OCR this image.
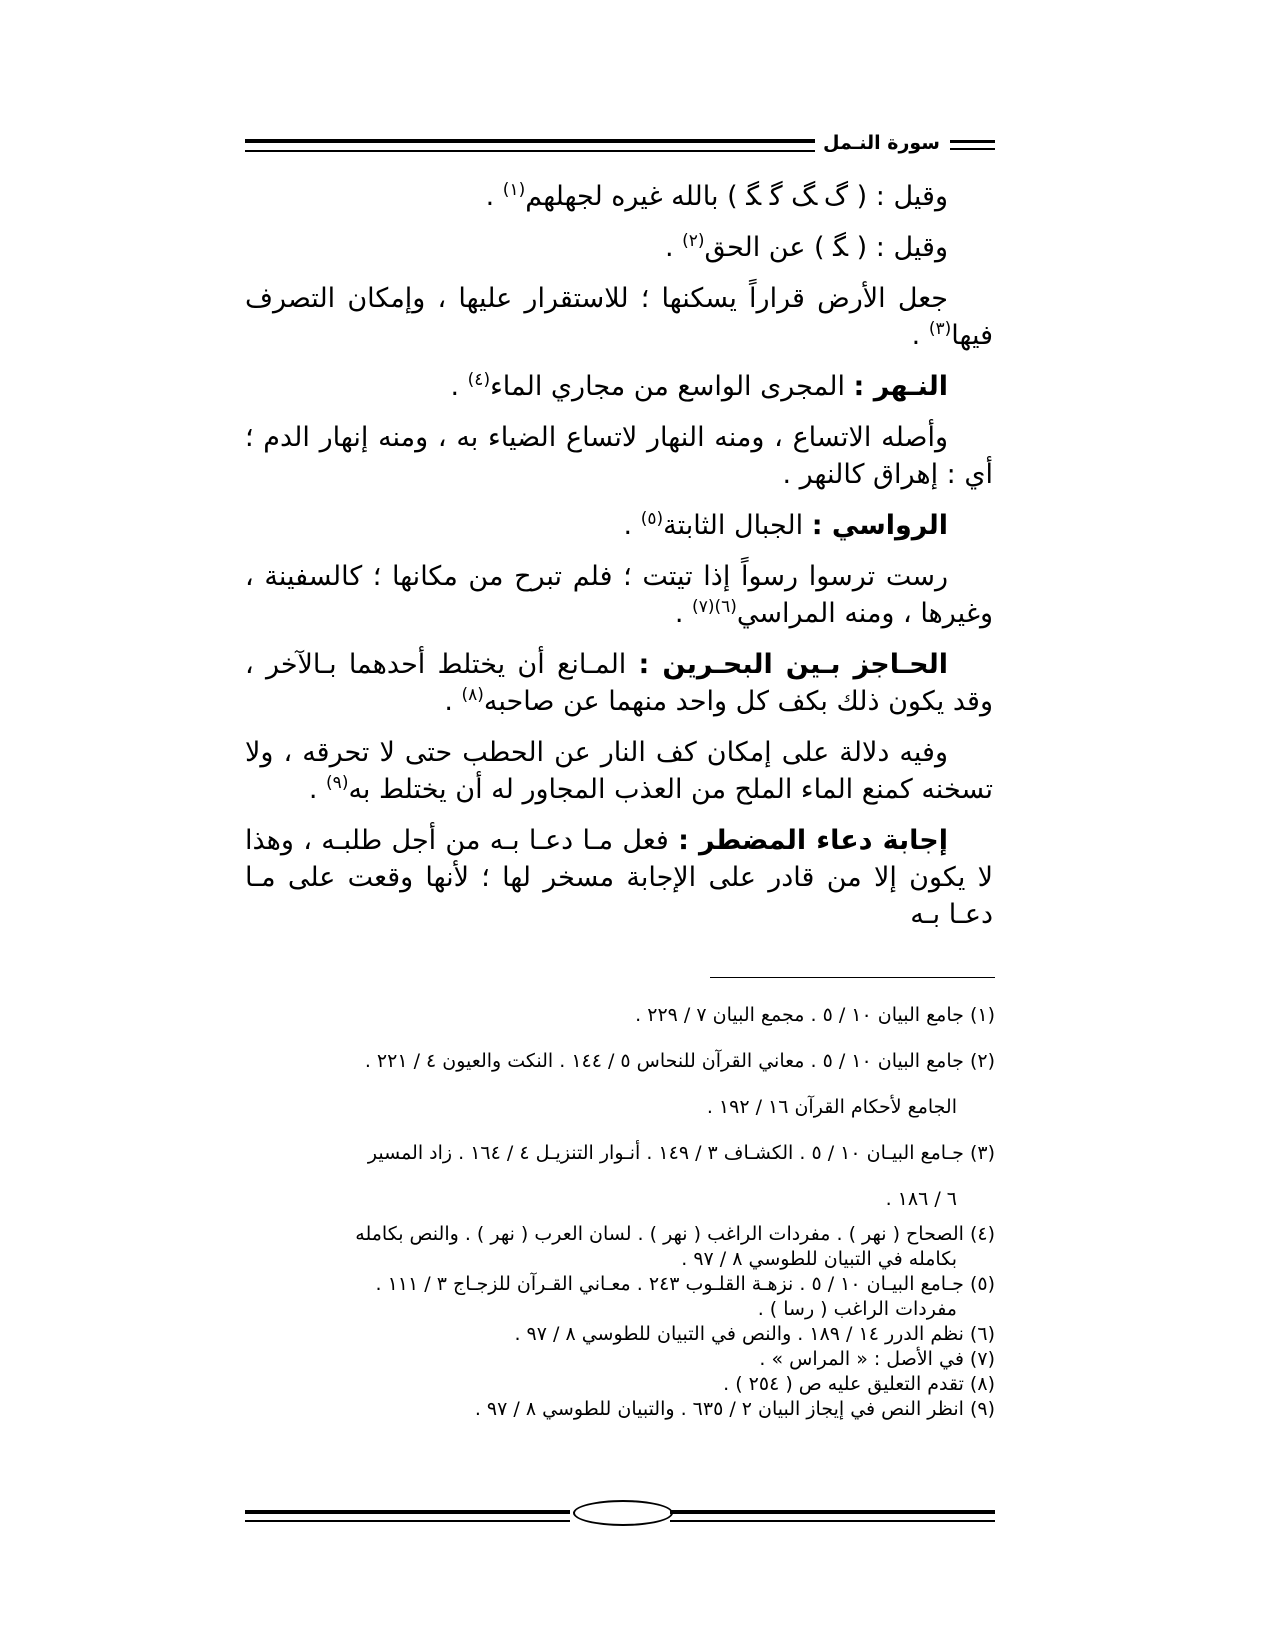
سورة النـمل

وقيل : ( ﮒ ﮓ ﮔ ﮕ ) بالله غيره لجهلهم$^{(١)}$ .

وقيل : ( ﮕ ) عن الحق$^{(٢)}$ .

جعل الأرض قراراً يسكنها ؛ للاستقرار عليها ، وإمكان التصرف فيها$^{(٣)}$ .

النـهر : المجرى الواسع من مجاري الماء$^{(٤)}$ .

وأصله الاتساع ، ومنه النهار لاتساع الضياء به ، ومنه إنهار الدم ؛ أي : إهراق كالنهر .

الرواسي : الجبال الثابتة$^{(٥)}$ .

رست ترسوا رسواً إذا تيتت ؛ فلم تبرح من مكانها ؛ كالسفينة ، وغيرها ، ومنه المراسي$^{(٦)(٧)}$ .

الحـاجز بـين البحـرين : المـانع أن يختلط أحدهما بـالآخر ، وقد يكون ذلك بكف كل واحد منهما عن صاحبه$^{(٨)}$ .

وفيه دلالة على إمكان كف النار عن الحطب حتى لا تحرقه ، ولا تسخنه كمنع الماء الملح من العذب المجاور له أن يختلط به$^{(٩)}$ .

إجابة دعاء المضطر : فعل مـا دعـا بـه من أجل طلبـه ، وهذا لا يكون إلا من قادر على الإجابة مسخر لها ؛ لأنها وقعت على مـا دعـا بـه

(١) جامع البيان ١٠ / ٥ . مجمع البيان ٧ / ٢٢٩ .

(٢) جامع البيان ١٠ / ٥ . معاني القرآن للنحاس ٥ / ١٤٤ . النكت والعيون ٤ / ٢٢١ .
الجامع لأحكام القرآن ١٦ / ١٩٢ .

(٣) جـامع البيـان ١٠ / ٥ . الكشـاف ٣ / ١٤٩ . أنـوار التنزيـل ٤ / ١٦٤ . زاد المسير
٦ / ١٨٦ .

(٤) الصحاح ( نهر ) . مفردات الراغب ( نهر ) . لسان العرب ( نهر ) . والنص بكامله
بكامله في التبيان للطوسي ٨ / ٩٧ .

(٥) جـامع البيـان ١٠ / ٥ . نزهـة القلـوب ٢٤٣ . معـاني القـرآن للزجـاج ٣ / ١١١ .
مفردات الراغب ( رسا ) .

(٦) نظم الدرر ١٤ / ١٨٩ . والنص في التبيان للطوسي ٨ / ٩٧ .

(٧) في الأصل : « المراس » .

(٨) تقدم التعليق عليه ص ( ٢٥٤ ) .

(٩) انظر النص في إيجاز البيان ٢ / ٦٣٥ . والتبيان للطوسي ٨ / ٩٧ .
